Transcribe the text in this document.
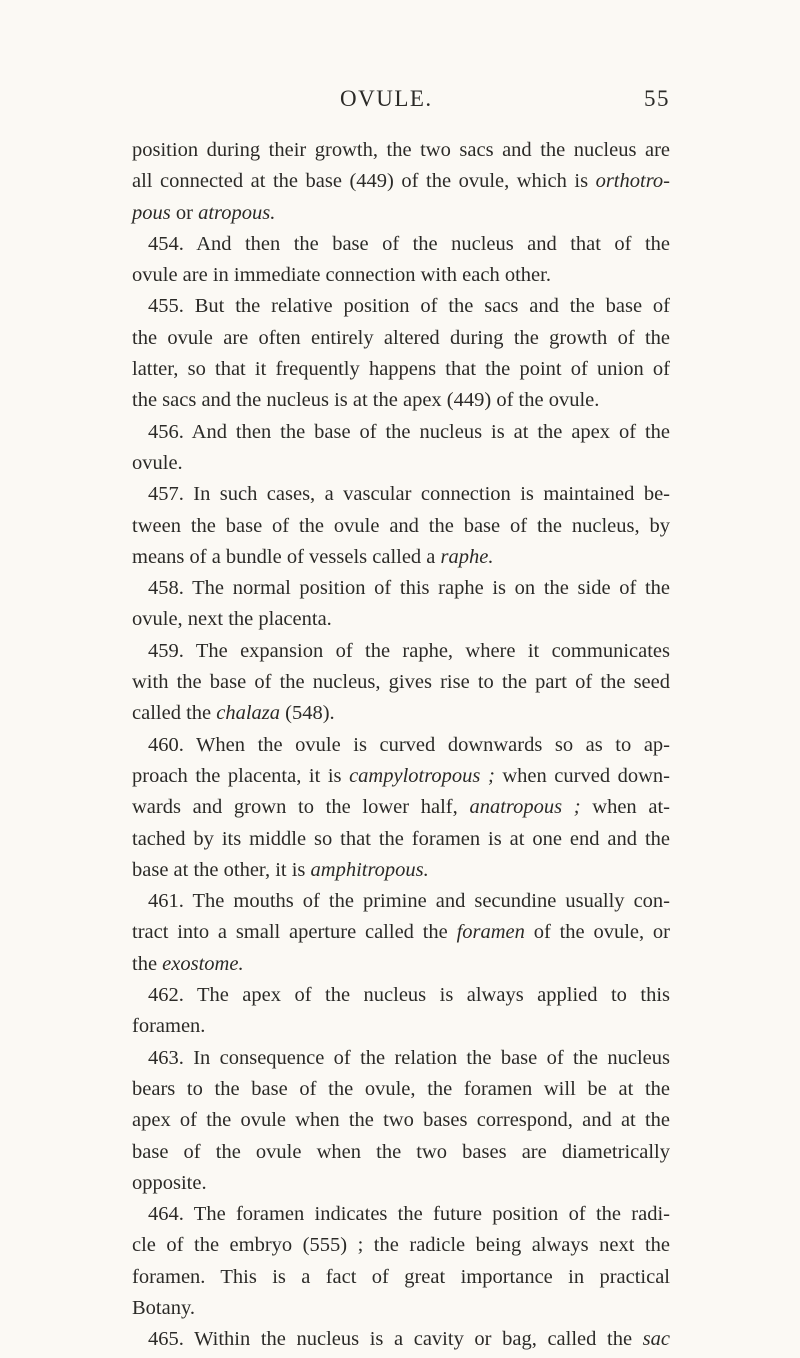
OVULE.	55
position during their growth, the two sacs and the nucleus are
all connected at the base (449) of the ovule, which is orthotro-
pous or atropous.
454. And then the base of the nucleus and that of the
ovule are in immediate connection with each other.
455. But the relative position of the sacs and the base of
the ovule are often entirely altered during the growth of the
latter, so that it frequently happens that the point of union of
the sacs and the nucleus is at the apex (449) of the ovule.
456. And then the base of the nucleus is at the apex of the
ovule.
457. In such cases, a vascular connection is maintained be-
tween the base of the ovule and the base of the nucleus, by
means of a bundle of vessels called a raphe.
458. The normal position of this raphe is on the side of the
ovule, next the placenta.
459. The expansion of the raphe, where it communicates
with the base of the nucleus, gives rise to the part of the seed
called the chalaza (548).
460. When the ovule is curved downwards so as to ap-
proach the placenta, it is campylotropous ; when curved down-
wards and grown to the lower half, anatropous ; when at-
tached by its middle so that the foramen is at one end and the
base at the other, it is amphitropous.
461. The mouths of the primine and secundine usually con-
tract into a small aperture called the foramen of the ovule, or
the exostome.
462. The apex of the nucleus is always applied to this
foramen.
463. In consequence of the relation the base of the nucleus
bears to the base of the ovule, the foramen will be at the
apex of the ovule when the two bases correspond, and at the
base of the ovule when the two bases are diametrically
opposite.
464. The foramen indicates the future position of the radi-
cle of the embryo (555) ; the radicle being always next the
foramen. This is a fact of great importance in practical
Botany.
465. Within the nucleus is a cavity or bag, called the sac
